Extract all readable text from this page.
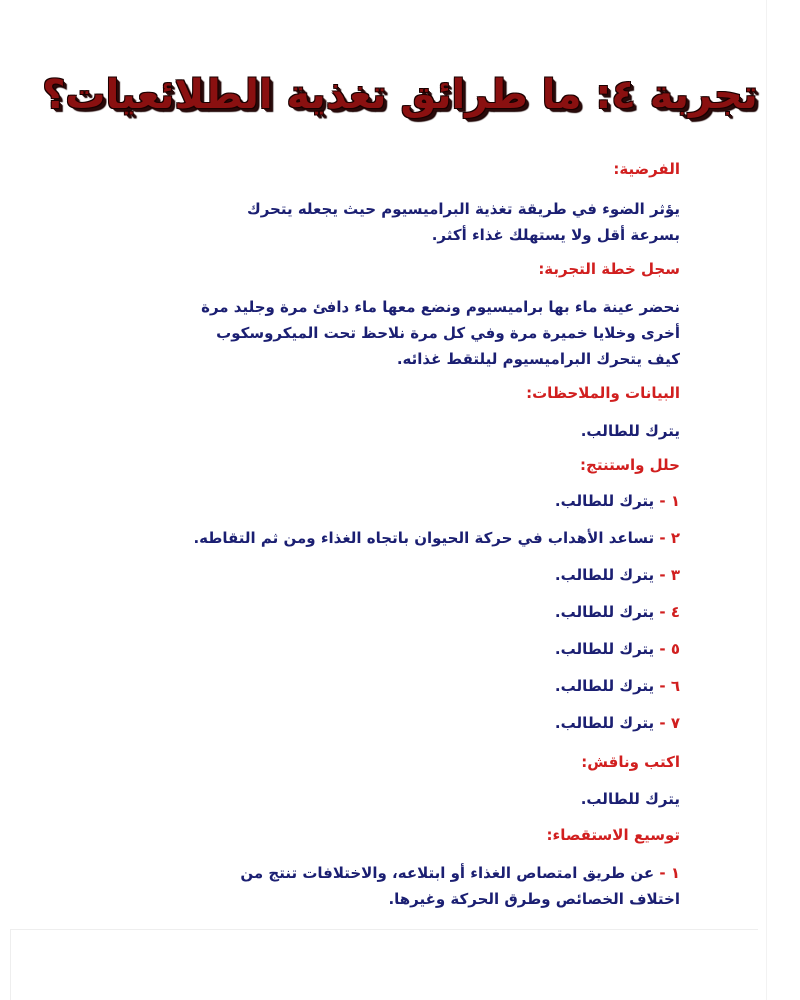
تجربة ٤: ما طرائق تغذية الطلائعيات؟
الفرضية:
يؤثر الضوء في طريقة تغذية البراميسيوم حيث يجعله يتحرك بسرعة أقل ولا يستهلك غذاء أكثر.
سجل خطة التجربة:
نحضر عينة ماء بها براميسيوم ونضع معها ماء دافئ مرة وجليد مرة أخرى وخلايا خميرة مرة وفي كل مرة نلاحظ تحت الميكروسكوب كيف يتحرك البراميسيوم ليلتقط غذائه.
البيانات والملاحظات:
يترك للطالب.
حلل واستنتج:
١ - يترك للطالب.
٢ - تساعد الأهداب في حركة الحيوان باتجاه الغذاء ومن ثم التقاطه.
٣ - يترك للطالب.
٤ - يترك للطالب.
٥ - يترك للطالب.
٦ - يترك للطالب.
٧ - يترك للطالب.
اكتب وناقش:
يترك للطالب.
توسيع الاستقصاء:
١ - عن طريق امتصاص الغذاء أو ابتلاعه، والاختلافات تنتج من اختلاف الخصائص وطرق الحركة وغيرها.
